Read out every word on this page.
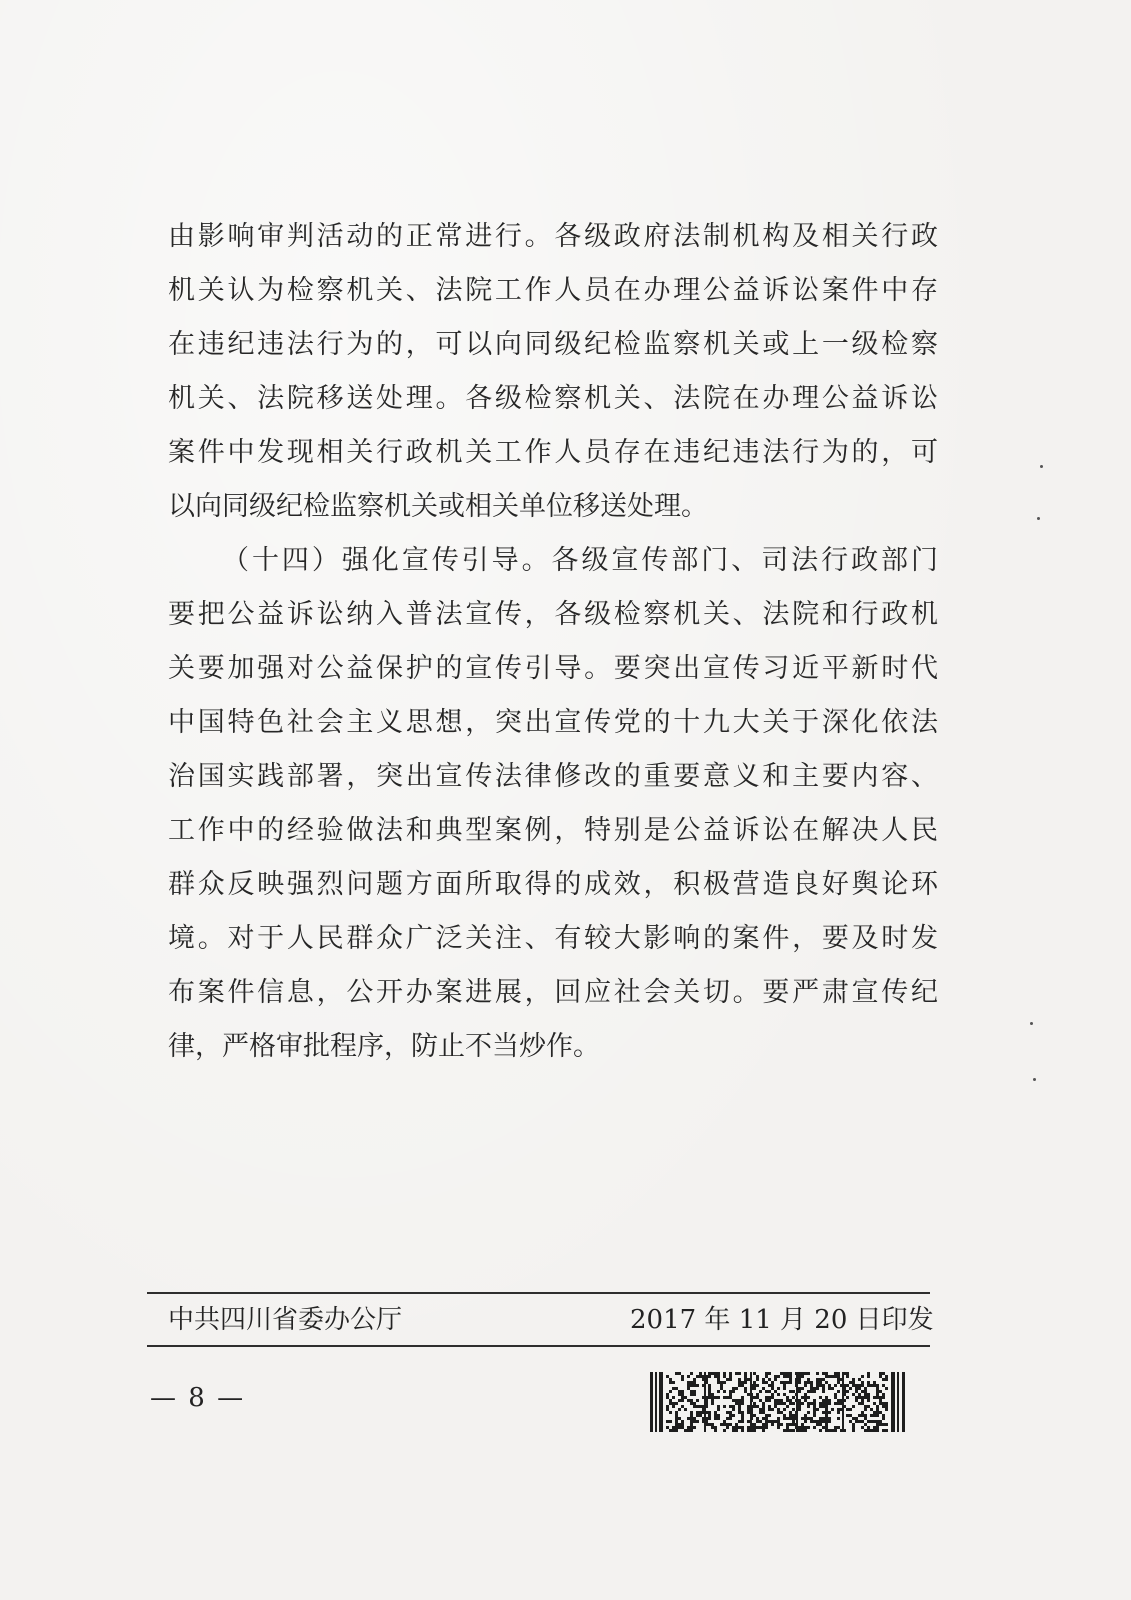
由影响审判活动的正常进行。各级政府法制机构及相关行政
机关认为检察机关、法院工作人员在办理公益诉讼案件中存
在违纪违法行为的，可以向同级纪检监察机关或上一级检察
机关、法院移送处理。各级检察机关、法院在办理公益诉讼
案件中发现相关行政机关工作人员存在违纪违法行为的，可
以向同级纪检监察机关或相关单位移送处理。
（十四）强化宣传引导。各级宣传部门、司法行政部门
要把公益诉讼纳入普法宣传，各级检察机关、法院和行政机
关要加强对公益保护的宣传引导。要突出宣传习近平新时代
中国特色社会主义思想，突出宣传党的十九大关于深化依法
治国实践部署，突出宣传法律修改的重要意义和主要内容、
工作中的经验做法和典型案例，特别是公益诉讼在解决人民
群众反映强烈问题方面所取得的成效，积极营造良好舆论环
境。对于人民群众广泛关注、有较大影响的案件，要及时发
布案件信息，公开办案进展，回应社会关切。要严肃宣传纪
律，严格审批程序，防止不当炒作。
中共四川省委办公厅	2017 年 11 月 20 日印发
— 8 —
